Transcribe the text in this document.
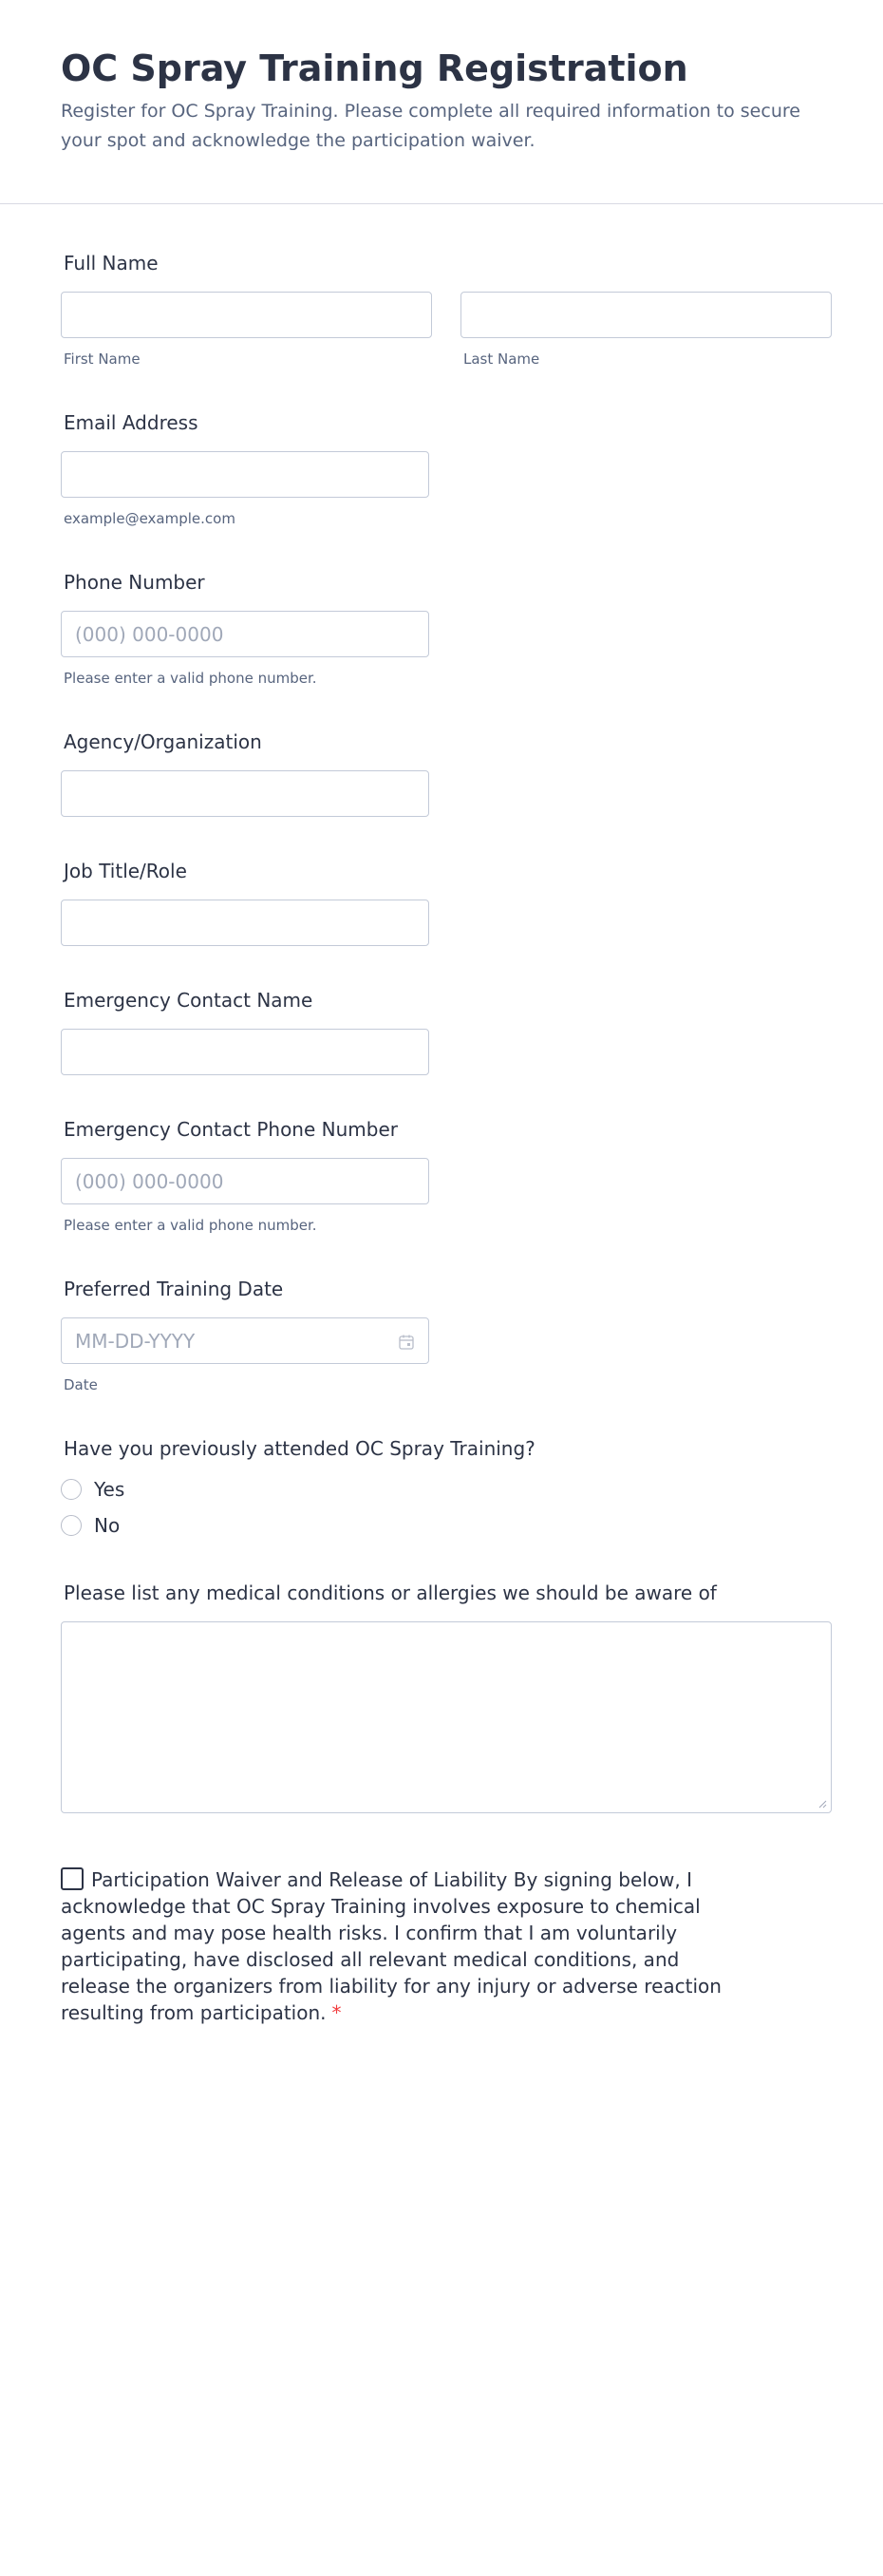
OC Spray Training Registration
Register for OC Spray Training. Please complete all required information to secure your spot and acknowledge the participation waiver.
Full Name
First Name	Last Name
Email Address
example@example.com
Phone Number
(000) 000-0000
Please enter a valid phone number.
Agency/Organization
Job Title/Role
Emergency Contact Name
Emergency Contact Phone Number
(000) 000-0000
Please enter a valid phone number.
Preferred Training Date
MM-DD-YYYY
Date
Have you previously attended OC Spray Training?
Yes
No
Please list any medical conditions or allergies we should be aware of
Participation Waiver and Release of Liability By signing below, I acknowledge that OC Spray Training involves exposure to chemical agents and may pose health risks. I confirm that I am voluntarily participating, have disclosed all relevant medical conditions, and release the organizers from liability for any injury or adverse reaction resulting from participation. *
